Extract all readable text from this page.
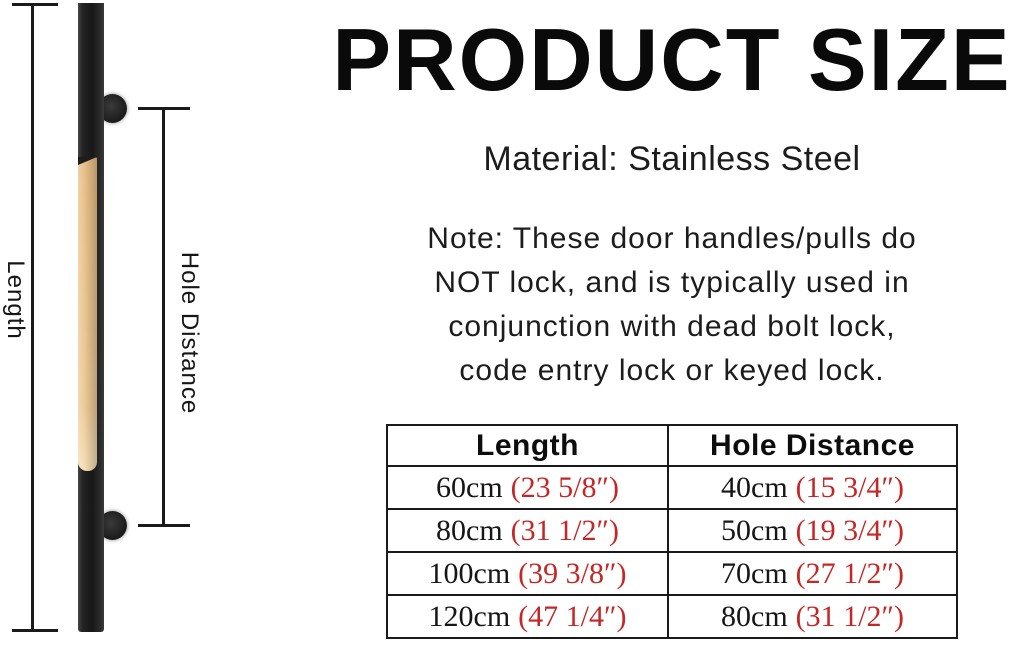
Length	Hole Distance
PRODUCT SIZE
Material: Stainless Steel
Note: These door handles/pulls do
NOT lock, and is typically used in
conjunction with dead bolt lock,
code entry lock or keyed lock.
Length	Hole Distance
60cm (23 5/8″)	40cm (15 3/4″)
80cm (31 1/2″)	50cm (19 3/4″)
100cm (39 3/8″)	70cm (27 1/2″)
120cm (47 1/4″)	80cm (31 1/2″)
